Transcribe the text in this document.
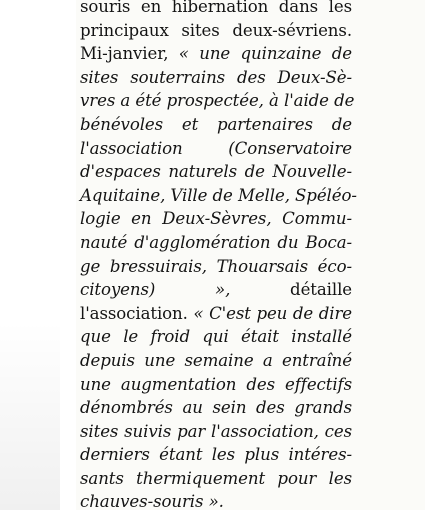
souris en hibernation dans les
principaux sites deux-sévriens.
Mi-janvier, « une quinzaine de
sites souterrains des Deux-Sè-
vres a été prospectée, à l'aide de
bénévoles et partenaires de
l'association (Conservatoire
d'espaces naturels de Nouvelle-
Aquitaine, Ville de Melle, Spéléo-
logie en Deux-Sèvres, Commu-
nauté d'agglomération du Boca-
ge bressuirais, Thouarsais éco-
citoyens) »,	détaille
l'association. « C'est peu de dire
que le froid qui était installé
depuis une semaine a entraîné
une augmentation des effectifs
dénombrés au sein des grands
sites suivis par l'association, ces
derniers étant les plus intéres-
sants thermiquement pour les
chauves-souris ».
